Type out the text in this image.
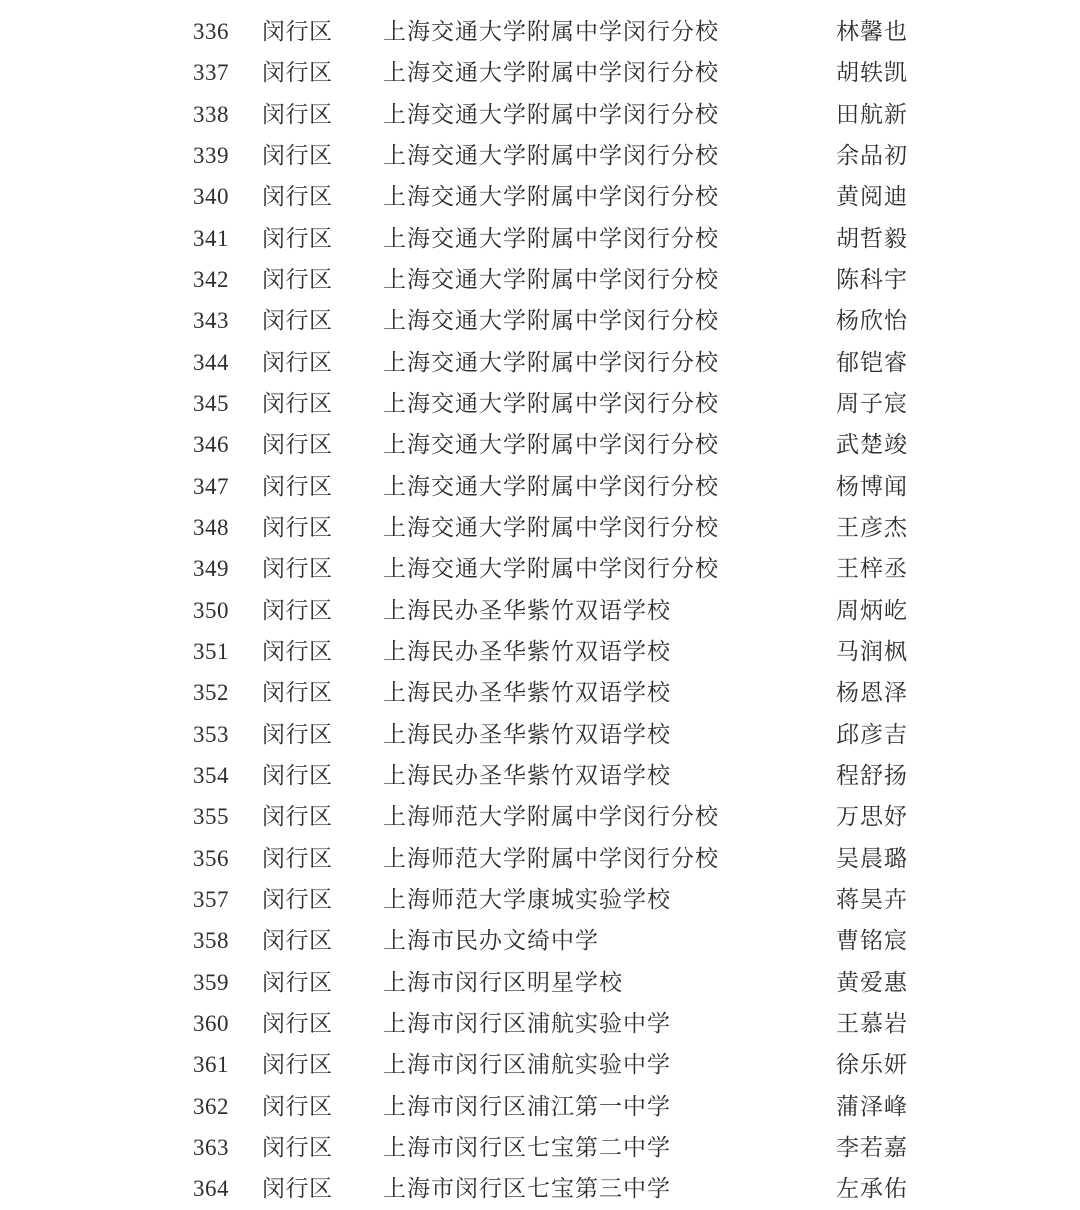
336	闵行区	上海交通大学附属中学闵行分校	林馨也
337	闵行区	上海交通大学附属中学闵行分校	胡轶凯
338	闵行区	上海交通大学附属中学闵行分校	田航新
339	闵行区	上海交通大学附属中学闵行分校	余品初
340	闵行区	上海交通大学附属中学闵行分校	黄阅迪
341	闵行区	上海交通大学附属中学闵行分校	胡哲毅
342	闵行区	上海交通大学附属中学闵行分校	陈科宇
343	闵行区	上海交通大学附属中学闵行分校	杨欣怡
344	闵行区	上海交通大学附属中学闵行分校	郁铠睿
345	闵行区	上海交通大学附属中学闵行分校	周子宸
346	闵行区	上海交通大学附属中学闵行分校	武楚竣
347	闵行区	上海交通大学附属中学闵行分校	杨博闻
348	闵行区	上海交通大学附属中学闵行分校	王彦杰
349	闵行区	上海交通大学附属中学闵行分校	王梓丞
350	闵行区	上海民办圣华紫竹双语学校	周炳屹
351	闵行区	上海民办圣华紫竹双语学校	马润枫
352	闵行区	上海民办圣华紫竹双语学校	杨恩泽
353	闵行区	上海民办圣华紫竹双语学校	邱彦吉
354	闵行区	上海民办圣华紫竹双语学校	程舒扬
355	闵行区	上海师范大学附属中学闵行分校	万思妤
356	闵行区	上海师范大学附属中学闵行分校	吴晨璐
357	闵行区	上海师范大学康城实验学校	蒋昊卉
358	闵行区	上海市民办文绮中学	曹铭宸
359	闵行区	上海市闵行区明星学校	黄爱惠
360	闵行区	上海市闵行区浦航实验中学	王慕岩
361	闵行区	上海市闵行区浦航实验中学	徐乐妍
362	闵行区	上海市闵行区浦江第一中学	蒲泽峰
363	闵行区	上海市闵行区七宝第二中学	李若嘉
364	闵行区	上海市闵行区七宝第三中学	左承佑
